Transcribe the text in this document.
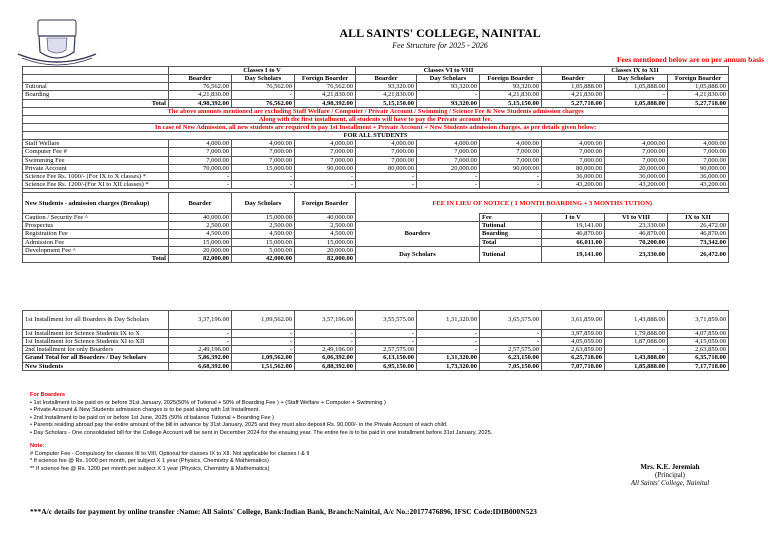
ALL SAINTS' COLLEGE, NAINITAL
Fee Structure for 2025 - 2026
Fees mentioned below are on per annum basis
	Classes I to V			Classes VI to VIII			Classes IX to XII		
	Boarder	Day Scholars	Foreign Boarder	Boarder	Day Scholars	Foreign Boarder	Boarder	Day Scholars	Foreign Boarder
Tutional	76,562.00	76,562.00	76,562.00	93,320.00	93,320.00	93,320.00	1,05,888.00	1,05,888.00	1,05,888.00
Boarding	4,21,830.00	-	4,21,830.00	4,21,830.00	-	4,21,830.00	4,21,830.00	-	4,21,830.00
Total	4,98,392.00	76,562.00	4,98,392.00	5,15,150.00	93,320.00	5,15,150.00	5,27,718.00	1,05,888.00	5,27,718.00
The above amounts mentioned are excluding Staff Welfare / Computer / Private Account / Swimming / Science Fee & New Students admission charges									
Along with the first installment, all students will have to pay the Private account fee.									
In case of New Admission, all new students are required to pay 1st Installment + Private Account + New Students admission charges, as per details given below:									
FOR ALL STUDENTS									
Staff Welfare	4,000.00	4,000.00	4,000.00	4,000.00	4,000.00	4,000.00	4,000.00	4,000.00	4,000.00
Computer Fee #	7,000.00	7,000.00	7,000.00	7,000.00	7,000.00	7,000.00	7,000.00	7,000.00	7,000.00
Swimming Fee	7,000.00	7,000.00	7,000.00	7,000.00	7,000.00	7,000.00	7,000.00	7,000.00	7,000.00
Private Account	70,000.00	15,000.00	90,000.00	80,000.00	20,000.00	90,000.00	80,000.00	20,000.00	90,000.00
Science Fee Rs. 1000/- (For IX to X classes) *	-	-	-	-	-	-	36,000.00	36,000.00	36,000.00
Science Fee Rs. 1200/-(For XI to XII classes) *	-	-	-	-	-	-	43,200.00	43,200.00	43,200.00

New Students - admission charges (Breakup)	Boarder	Day Scholars	Foreign Boarder	FEE IN LIEU OF NOTICE ( 1 MONTH BOARDING + 3 MONTHS TUTION)					
Caution / Security Fee ^	40,000.00	15,000.00	40,000.00			Fee	I to V	VI to VIII	IX to XII
Prospectus	2,500.00	2,500.00	2,500.00	Boarders		Tutional	19,141.00	23,330.00	26,472.00
Registration Fee	4,500.00	4,500.00	4,500.00			Boarding	46,870.00	46,870.00	46,870.00
Admission Fee	15,000.00	15,000.00	15,000.00			Total	66,011.00	70,200.00	73,342.00
Development Fee ^	20,000.00	5,000.00	20,000.00	Day Scholars		Tutional	19,141.00	23,330.00	26,472.00
Total	82,000.00	42,000.00	82,000.00						
1st Installment for all Boarders & Day Scholars	3,37,196.00	1,09,562.00	3,57,196.00	3,55,575.00	1,31,320.00	3,65,575.00	3,61,859.00	1,43,888.00	3,71,859.00
1st Installment for Science Students IX to X	-	-	-	-	-	-	3,97,859.00	1,79,888.00	4,07,859.00
1st Installment for Science Students XI to XII	-	-	-	-	-	-	4,05,059.00	1,87,088.00	4,15,059.00
2nd Installment for only Boarders	2,49,196.00	-	2,49,196.00	2,57,575.00	-	2,57,575.00	2,63,859.00	-	2,63,859.00
Grand Total for all Boarders / Day Scholars	5,86,392.00	1,09,562.00	6,06,392.00	6,13,150.00	1,31,320.00	6,23,150.00	6,25,718.00	1,43,888.00	6,35,718.00
New Students	6,68,392.00	1,51,562.00	6,88,392.00	6,95,150.00	1,73,320.00	7,05,150.00	7,07,718.00	1,85,888.00	7,17,718.00
For Boarders
• 1st Installment to be paid on or before 31st January, 2025(50% of Tutional + 50% of Boarding Fee ) + (Staff Welfare + Computer + Swimming )
• Private Account & New Students admission charges is to be paid along with 1st Installment.
• 2nd Installment to be paid on or before 1st June, 2025 (50% of balance Tutional + Boarding Fee )
• Parents residing abroad pay the entire amount of the bill in advance by 31st January, 2025 and they must also deposit Rs. 90,000/- in the Private Account of each child.
• Day Scholars - One consolidated bill for the College Account will be sent in December 2024 for the ensuing year. The entire fee is to be paid in one installment before 31st January, 2025.
Note:
# Computer Fee - Compulsory for classes III to VIII, Optional for classes IX to XII. Not applicable for classes I & II
* If science fee @ Rs. 1000 per month, per subject X 1 year (Physics, Chemistry & Mathematics)
** If science fee @ Rs. 1200 per month per subject X 1 year (Physics, Chemistry & Mathematics)	Mrs. K.E. Jeremiah
(Principal)
All Saints' College, Nainital
***A/c details for payment by online transfer :Name: All Saints' College, Bank:Indian Bank, Branch:Nainital, A/c No.:20177476896, IFSC Code:IDIB000N523
